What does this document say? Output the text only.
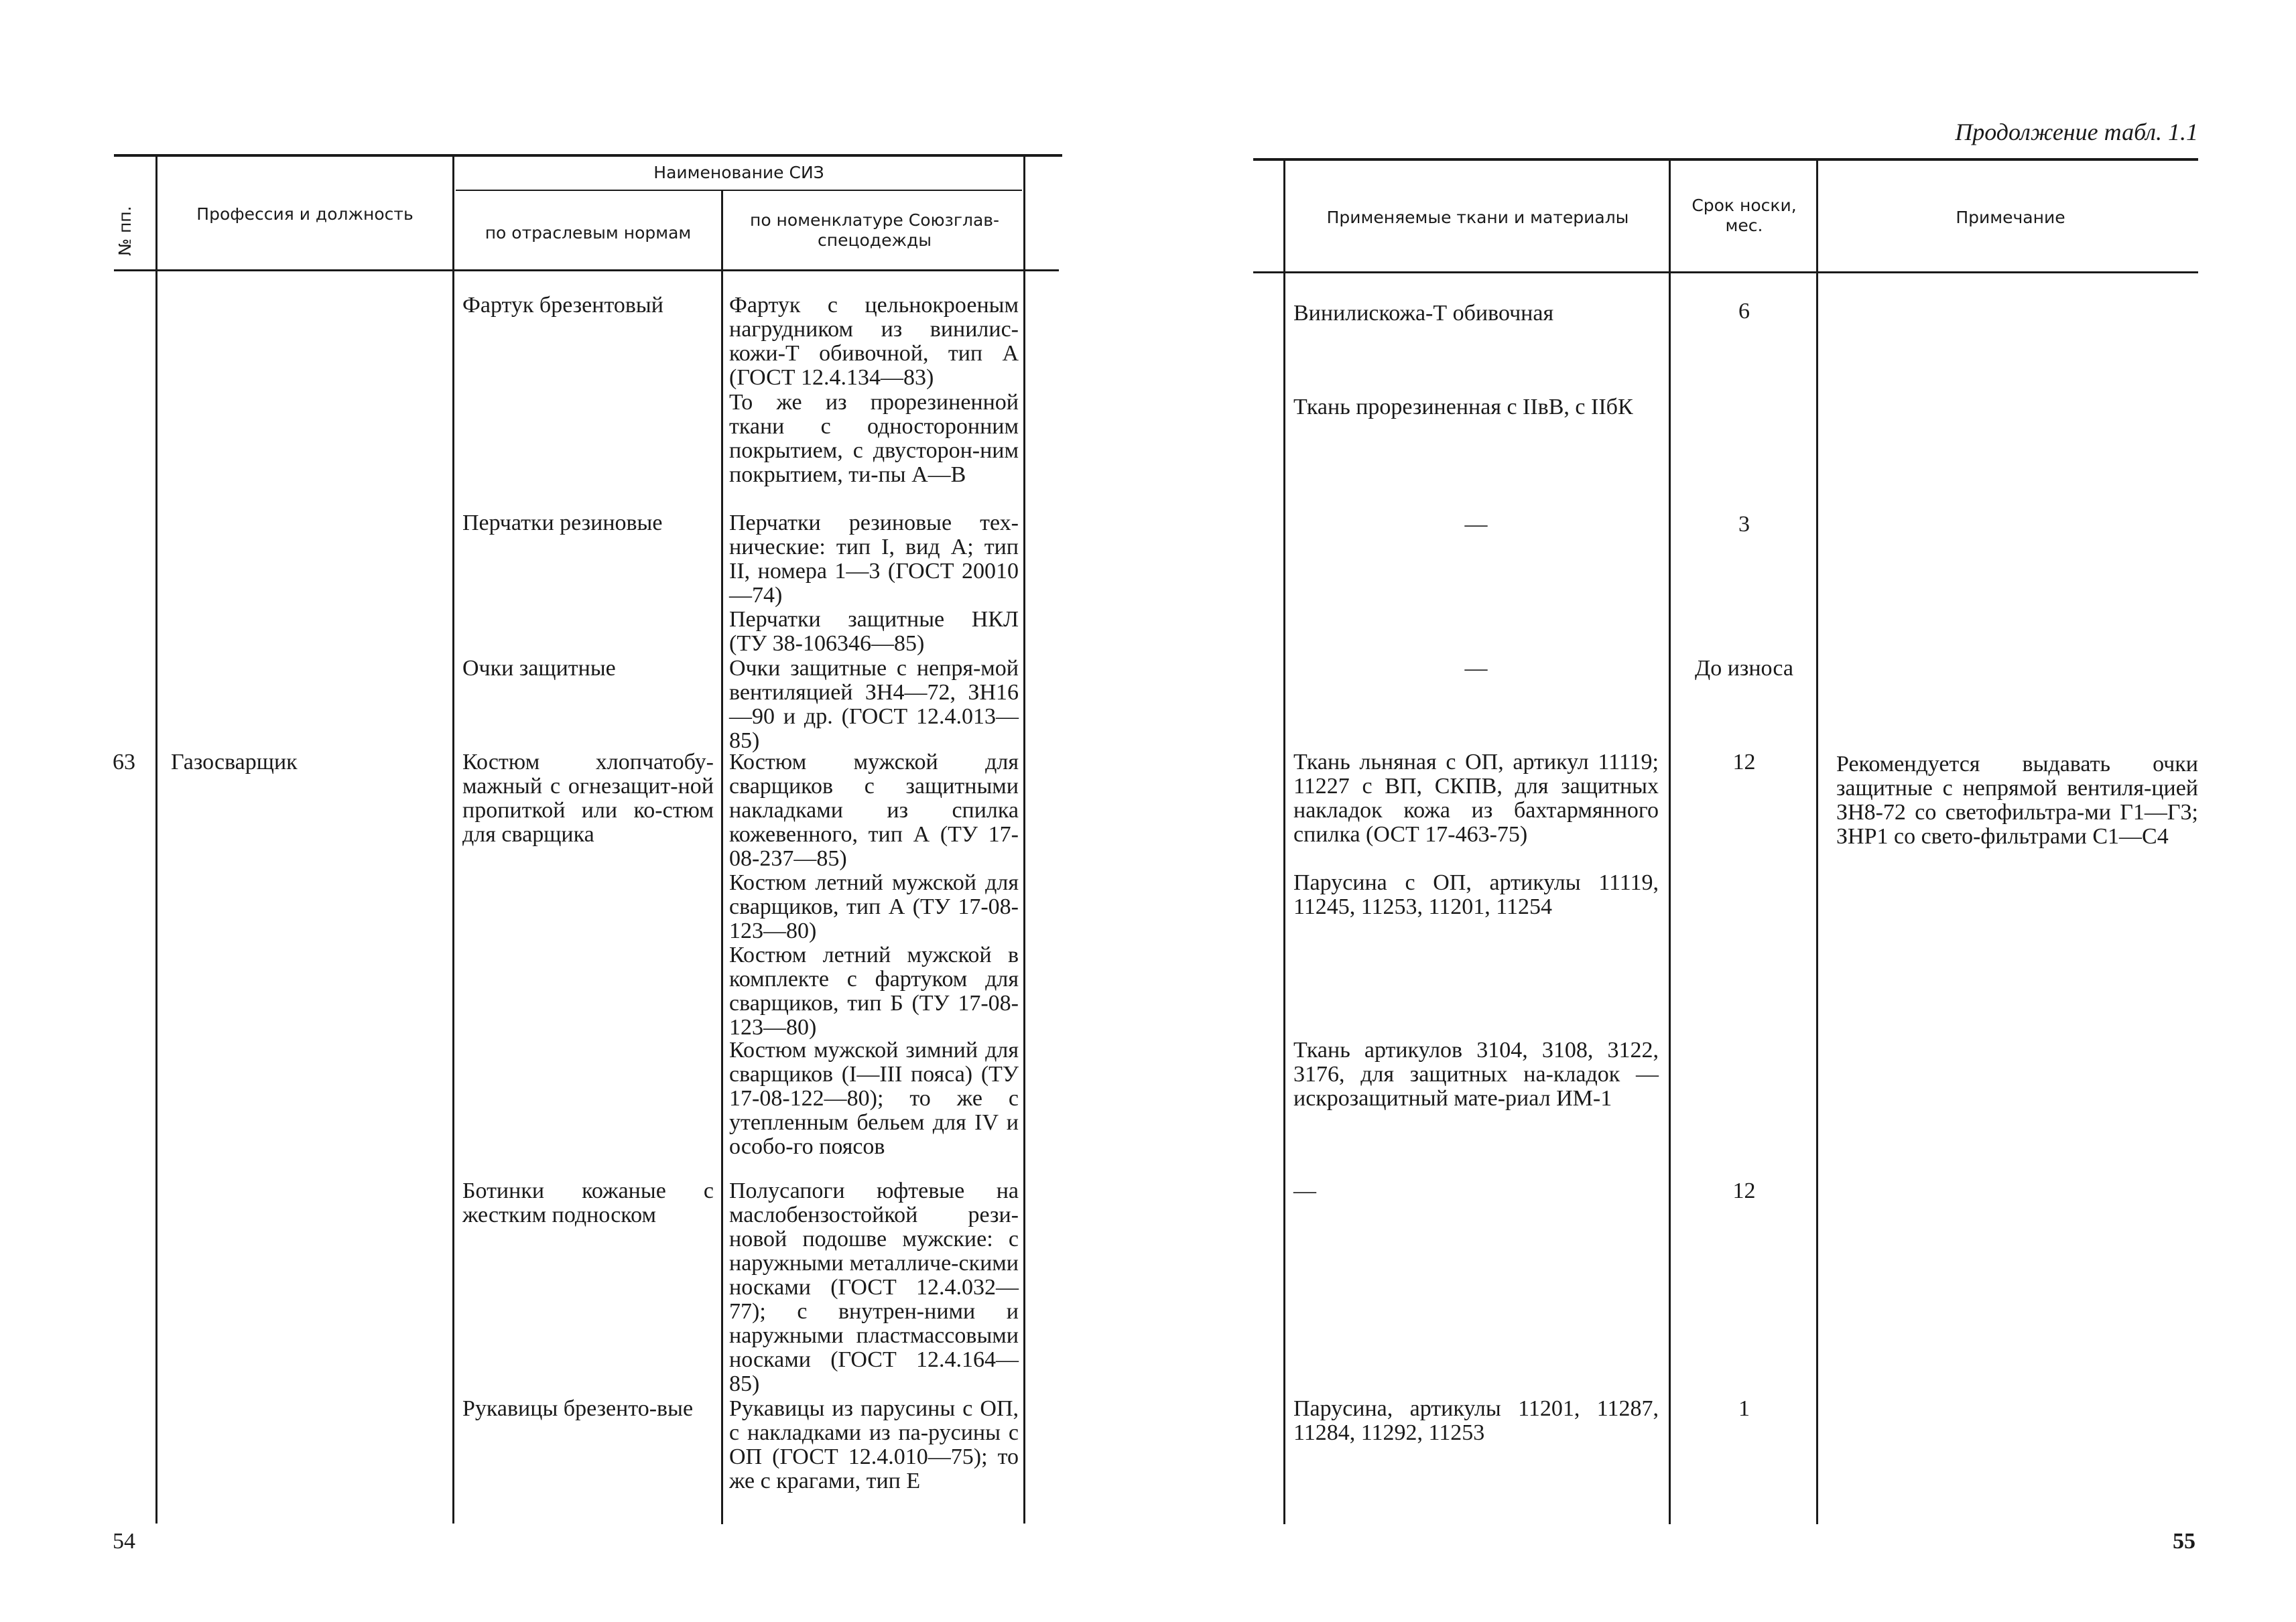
№ пп.	Профессия и должность
Наименование СИЗ
по отраслевым нормам
по номенклатуре Союзглав-спецодежды
63 Газосварщик
Фартук брезентовый
Перчатки резиновые
Очки защитные
Костюм хлопчатобу-мажный с огнезащит-ной пропиткой или ко-стюм для сварщика
Ботинки кожаные с жестким подноском
Рукавицы брезенто-вые
Фартук с цельнокроеным нагрудником из винилис-кожи-Т обивочной, тип А (ГОСТ 12.4.134—83)
То же из прорезиненной ткани с односторонним покрытием, с двусторон-ним покрытием, ти-пы А—В
Перчатки резиновые тех-нические: тип I, вид А; тип II, номера 1—3 (ГОСТ 20010—74)
Перчатки защитные НКЛ (ТУ 38-106346—85)
Очки защитные с непря-мой вентиляцией ЗН4—72, ЗН16—90 и др. (ГОСТ 12.4.013—85)
Костюм мужской для сварщиков с защитными накладками из спилка кожевенного, тип А (ТУ 17-08-237—85)
Костюм летний мужской для сварщиков, тип А (ТУ 17-08-123—80)
Костюм летний мужской в комплекте с фартуком для сварщиков, тип Б (ТУ 17-08-123—80)
Костюм мужской зимний для сварщиков (I—III пояса) (ТУ 17-08-122—80); то же с утепленным бельем для IV и особо-го поясов
Полусапоги юфтевые на маслобензостойкой рези-новой подошве мужские: с наружными металличе-скими носками (ГОСТ 12.4.032—77); с внутрен-ними и наружными пластмассовыми носками (ГОСТ 12.4.164—85)
Рукавицы из парусины с ОП, с накладками из па-русины с ОП (ГОСТ 12.4.010—75); то же с крагами, тип Е
54
Продолжение табл. 1.1
Применяемые ткани и материалы
Срок носки, мес.	Примечание
Винилискожа-Т обивочная
Ткань прорезиненная с IIвВ, с IIбК
—
—
Ткань льняная с ОП, артикул 11119; 11227 с ВП, СКПВ, для защитных накладок кожа из бахтармянного спилка (ОСТ 17-463-75)
Парусина с ОП, артикулы 11119, 11245, 11253, 11201, 11254
Ткань артикулов 3104, 3108, 3122, 3176, для защитных на-кладок — искрозащитный мате-риал ИМ-1
—
Парусина, артикулы 11201, 11287, 11284, 11292, 11253
6
3
До износа
12
12
1
Рекомендуется выдавать очки защитные с непрямой вентиля-цией ЗН8-72 со светофильтра-ми Г1—Г3; ЗНР1 со свето-фильтрами С1—С4
55
